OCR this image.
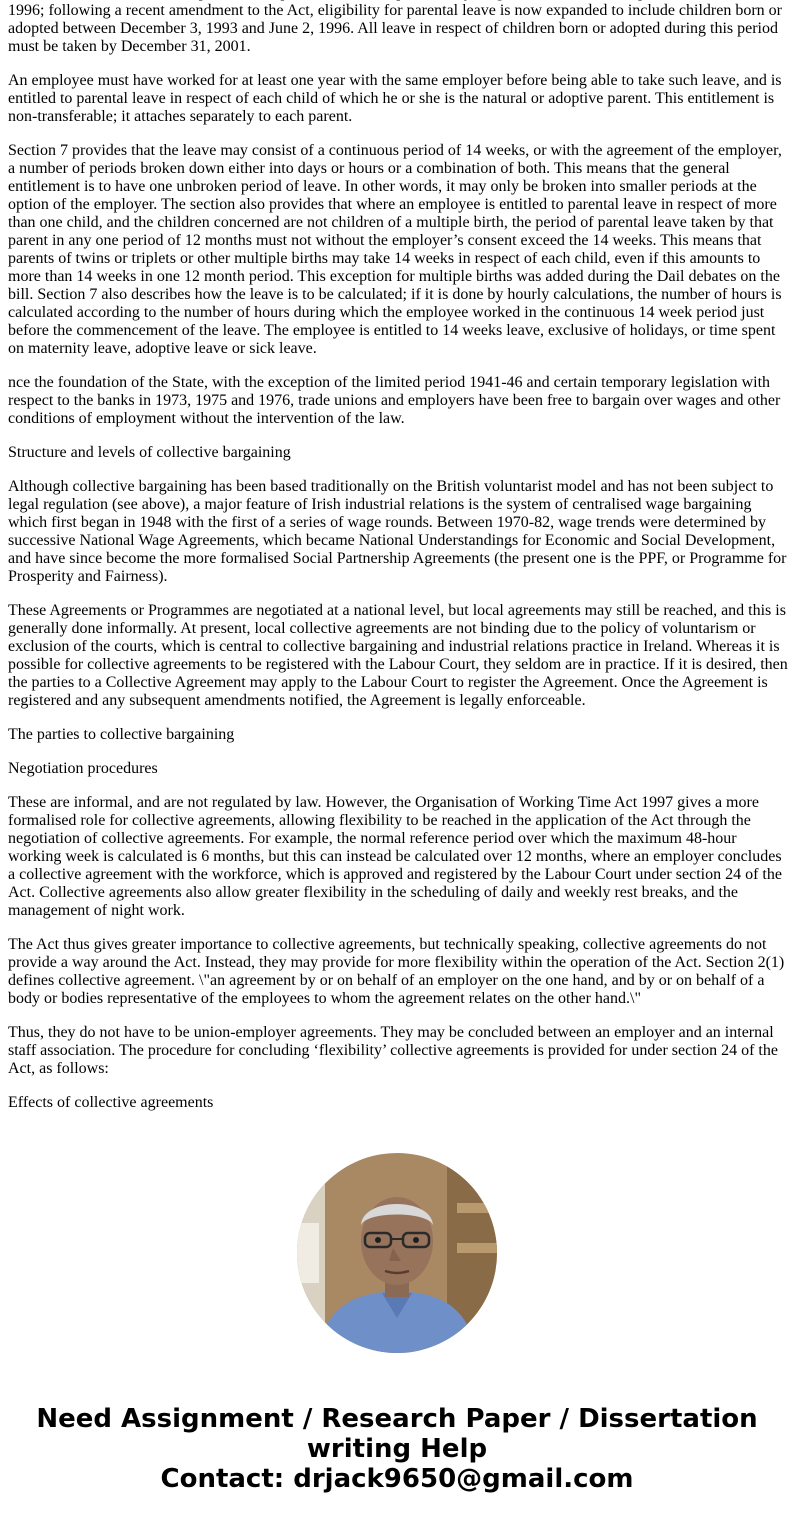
1996; following a recent amendment to the Act, eligibility for parental leave is now expanded to include children born or adopted between December 3, 1993 and June 2, 1996. All leave in respect of children born or adopted during this period must be taken by December 31, 2001.

An employee must have worked for at least one year with the same employer before being able to take such leave, and is entitled to parental leave in respect of each child of which he or she is the natural or adoptive parent. This entitlement is non-transferable; it attaches separately to each parent.

Section 7 provides that the leave may consist of a continuous period of 14 weeks, or with the agreement of the employer, a number of periods broken down either into days or hours or a combination of both. This means that the general entitlement is to have one unbroken period of leave. In other words, it may only be broken into smaller periods at the option of the employer. The section also provides that where an employee is entitled to parental leave in respect of more than one child, and the children concerned are not children of a multiple birth, the period of parental leave taken by that parent in any one period of 12 months must not without the employer’s consent exceed the 14 weeks. This means that parents of twins or triplets or other multiple births may take 14 weeks in respect of each child, even if this amounts to more than 14 weeks in one 12 month period. This exception for multiple births was added during the Dail debates on the bill. Section 7 also describes how the leave is to be calculated; if it is done by hourly calculations, the number of hours is calculated according to the number of hours during which the employee worked in the continuous 14 week period just before the commencement of the leave. The employee is entitled to 14 weeks leave, exclusive of holidays, or time spent on maternity leave, adoptive leave or sick leave.

nce the foundation of the State, with the exception of the limited period 1941-46 and certain temporary legislation with respect to the banks in 1973, 1975 and 1976, trade unions and employers have been free to bargain over wages and other conditions of employment without the intervention of the law.

Structure and levels of collective bargaining

Although collective bargaining has been based traditionally on the British voluntarist model and has not been subject to legal regulation (see above), a major feature of Irish industrial relations is the system of centralised wage bargaining which first began in 1948 with the first of a series of wage rounds. Between 1970-82, wage trends were determined by successive National Wage Agreements, which became National Understandings for Economic and Social Development, and have since become the more formalised Social Partnership Agreements (the present one is the PPF, or Programme for Prosperity and Fairness).

These Agreements or Programmes are negotiated at a national level, but local agreements may still be reached, and this is generally done informally. At present, local collective agreements are not binding due to the policy of voluntarism or exclusion of the courts, which is central to collective bargaining and industrial relations practice in Ireland. Whereas it is possible for collective agreements to be registered with the Labour Court, they seldom are in practice. If it is desired, then the parties to a Collective Agreement may apply to the Labour Court to register the Agreement. Once the Agreement is registered and any subsequent amendments notified, the Agreement is legally enforceable.

The parties to collective bargaining

Negotiation procedures

These are informal, and are not regulated by law. However, the Organisation of Working Time Act 1997 gives a more formalised role for collective agreements, allowing flexibility to be reached in the application of the Act through the negotiation of collective agreements. For example, the normal reference period over which the maximum 48-hour working week is calculated is 6 months, but this can instead be calculated over 12 months, where an employer concludes a collective agreement with the workforce, which is approved and registered by the Labour Court under section 24 of the Act. Collective agreements also allow greater flexibility in the scheduling of daily and weekly rest breaks, and the management of night work.

The Act thus gives greater importance to collective agreements, but technically speaking, collective agreements do not provide a way around the Act. Instead, they may provide for more flexibility within the operation of the Act. Section 2(1) defines collective agreement. \"an agreement by or on behalf of an employer on the one hand, and by or on behalf of a body or bodies representative of the employees to whom the agreement relates on the other hand.\"

Thus, they do not have to be union-employer agreements. They may be concluded between an employer and an internal staff association. The procedure for concluding ‘flexibility’ collective agreements is provided for under section 24 of the Act, as follows:

Effects of collective agreements

Need Assignment / Research Paper / Dissertation
writing Help
Contact: drjack9650@gmail.com
